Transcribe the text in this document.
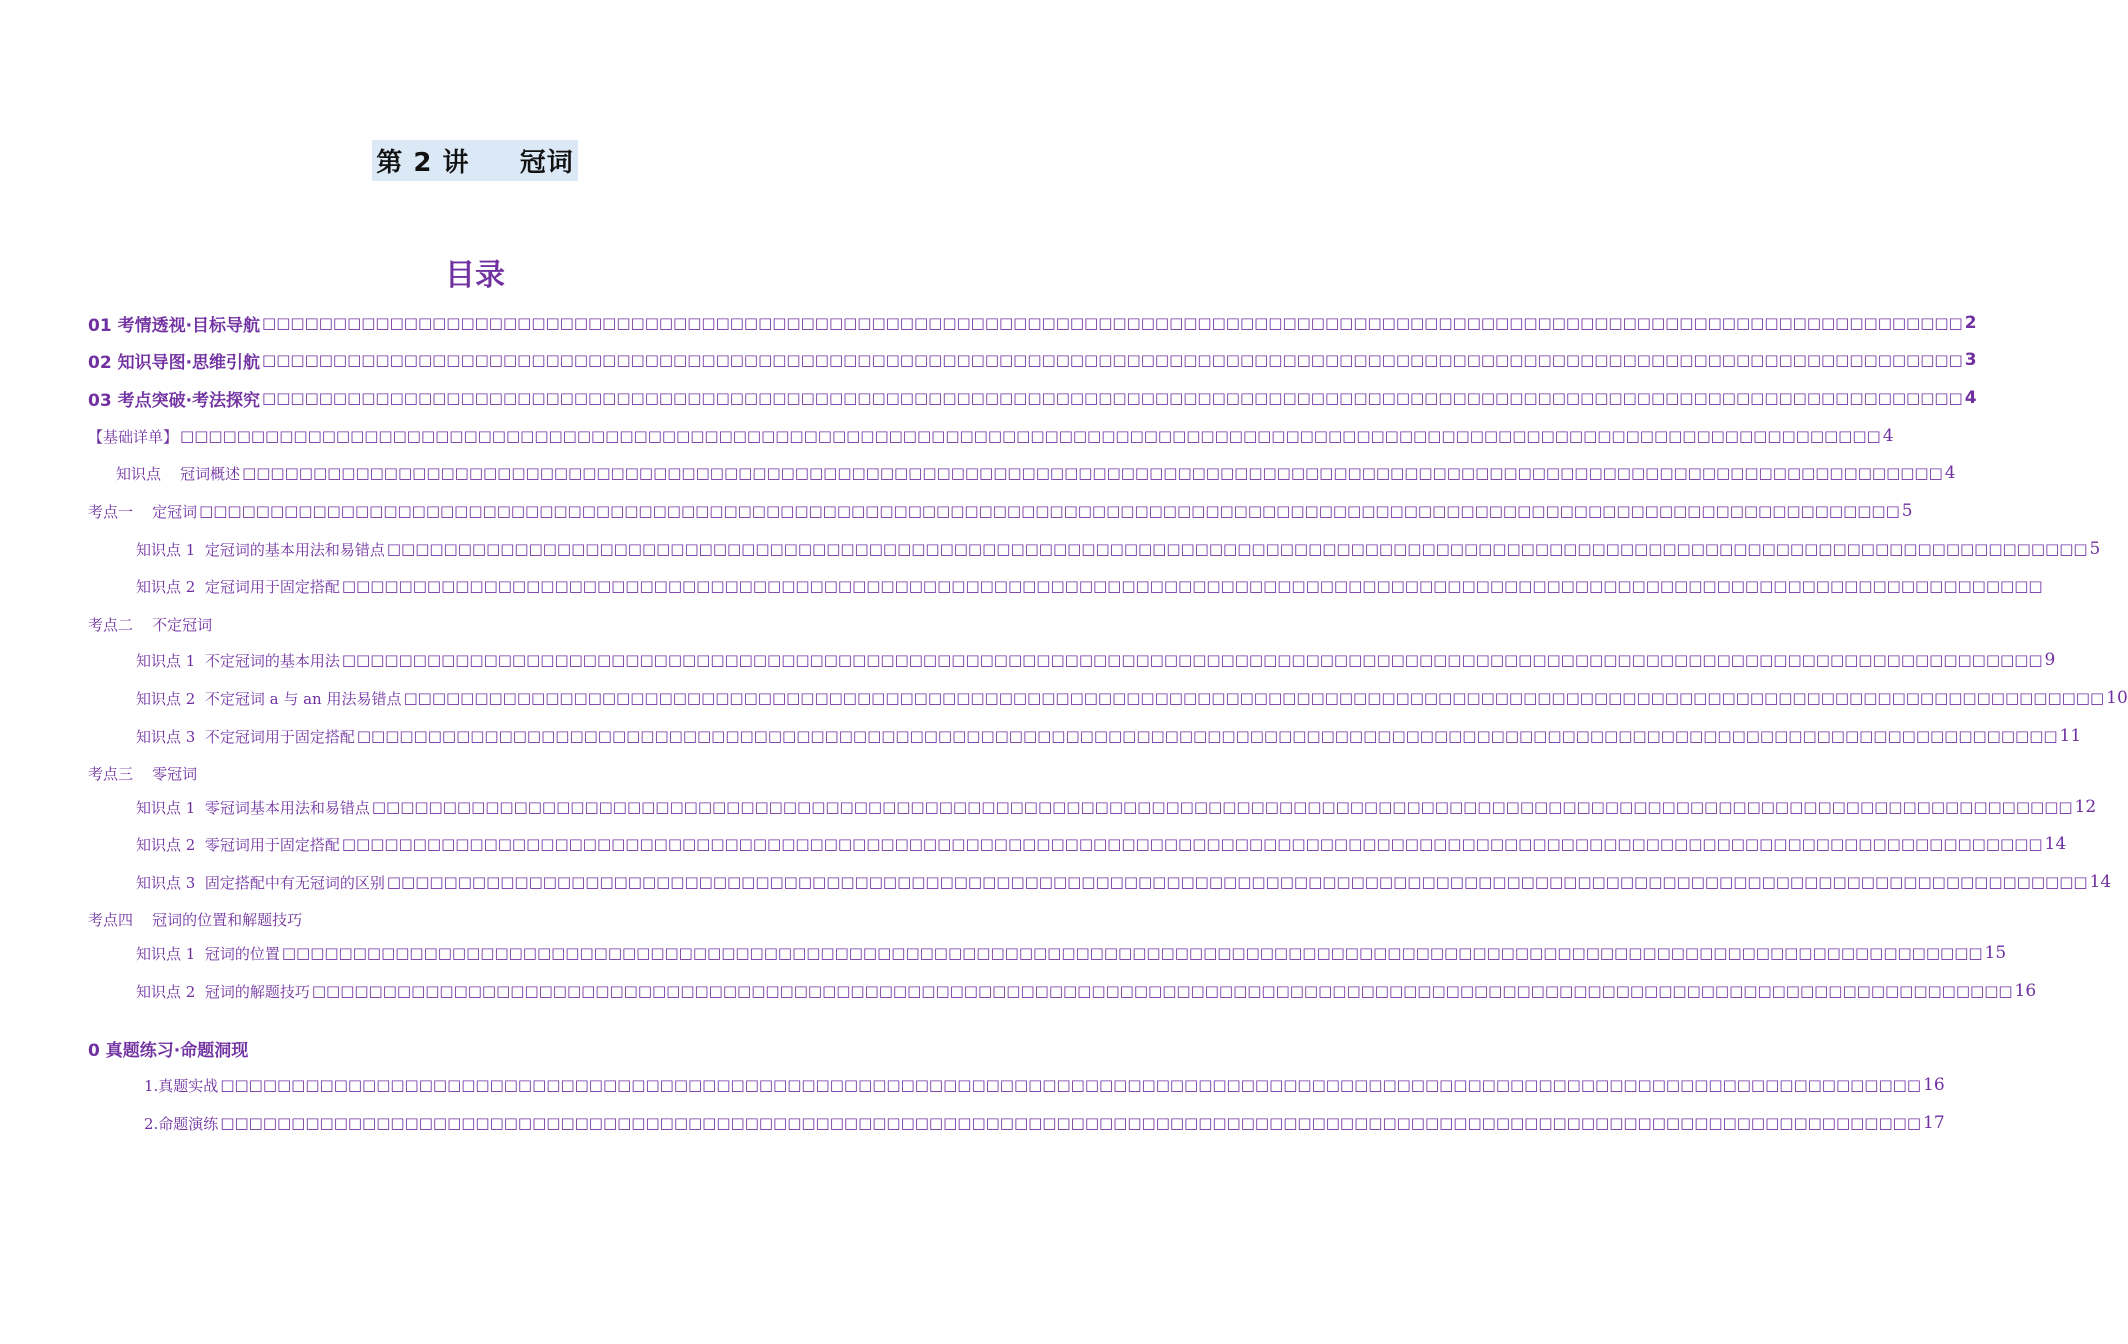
第 2 讲     冠词
目录
01 考情透视·目标导航 □□□□□□□□□□□□□□□□□□□□□□□□□□□□□□□□□□□□□□□□□□□□□□□□□□□□□□□□□□□□□□□□□□□□□□□□□□□□□□□□□□□□□□□□□□□□□□□□□□□□□□□□□□□□□□□□□□□□□□□□ 2
02 知识导图·思维引航 □□□□□□□□□□□□□□□□□□□□□□□□□□□□□□□□□□□□□□□□□□□□□□□□□□□□□□□□□□□□□□□□□□□□□□□□□□□□□□□□□□□□□□□□□□□□□□□□□□□□□□□□□□□□□□□□□□□□□□□□ 3
03 考点突破·考法探究 □□□□□□□□□□□□□□□□□□□□□□□□□□□□□□□□□□□□□□□□□□□□□□□□□□□□□□□□□□□□□□□□□□□□□□□□□□□□□□□□□□□□□□□□□□□□□□□□□□□□□□□□□□□□□□□□□□□□□□□□ 4
【基础详单】 □□□□□□□□□□□□□□□□□□□□□□□□□□□□□□□□□□□□□□□□□□□□□□□□□□□□□□□□□□□□□□□□□□□□□□□□□□□□□□□□□□□□□□□□□□□□□□□□□□□□□□□□□□□□□□□□□□□□□□□□ 4
知识点    冠词概述 □□□□□□□□□□□□□□□□□□□□□□□□□□□□□□□□□□□□□□□□□□□□□□□□□□□□□□□□□□□□□□□□□□□□□□□□□□□□□□□□□□□□□□□□□□□□□□□□□□□□□□□□□□□□□□□□□□□□□□□□ 4
考点一    定冠词 □□□□□□□□□□□□□□□□□□□□□□□□□□□□□□□□□□□□□□□□□□□□□□□□□□□□□□□□□□□□□□□□□□□□□□□□□□□□□□□□□□□□□□□□□□□□□□□□□□□□□□□□□□□□□□□□□□□□□□□□ 5
知识点 1  定冠词的基本用法和易错点 □□□□□□□□□□□□□□□□□□□□□□□□□□□□□□□□□□□□□□□□□□□□□□□□□□□□□□□□□□□□□□□□□□□□□□□□□□□□□□□□□□□□□□□□□□□□□□□□□□□□□□□□□□□□□□□□□□□□□□□□ 5
知识点 2  定冠词用于固定搭配 □□□□□□□□□□□□□□□□□□□□□□□□□□□□□□□□□□□□□□□□□□□□□□□□□□□□□□□□□□□□□□□□□□□□□□□□□□□□□□□□□□□□□□□□□□□□□□□□□□□□□□□□□□□□□□□□□□□□□□□□
考点二    不定冠词
知识点 1  不定冠词的基本用法 □□□□□□□□□□□□□□□□□□□□□□□□□□□□□□□□□□□□□□□□□□□□□□□□□□□□□□□□□□□□□□□□□□□□□□□□□□□□□□□□□□□□□□□□□□□□□□□□□□□□□□□□□□□□□□□□□□□□□□□□ 9
知识点 2  不定冠词 a 与 an 用法易错点 □□□□□□□□□□□□□□□□□□□□□□□□□□□□□□□□□□□□□□□□□□□□□□□□□□□□□□□□□□□□□□□□□□□□□□□□□□□□□□□□□□□□□□□□□□□□□□□□□□□□□□□□□□□□□□□□□□□□□□□□ 10
知识点 3  不定冠词用于固定搭配 □□□□□□□□□□□□□□□□□□□□□□□□□□□□□□□□□□□□□□□□□□□□□□□□□□□□□□□□□□□□□□□□□□□□□□□□□□□□□□□□□□□□□□□□□□□□□□□□□□□□□□□□□□□□□□□□□□□□□□□□ 11
考点三    零冠词
知识点 1  零冠词基本用法和易错点 □□□□□□□□□□□□□□□□□□□□□□□□□□□□□□□□□□□□□□□□□□□□□□□□□□□□□□□□□□□□□□□□□□□□□□□□□□□□□□□□□□□□□□□□□□□□□□□□□□□□□□□□□□□□□□□□□□□□□□□□ 12
知识点 2  零冠词用于固定搭配 □□□□□□□□□□□□□□□□□□□□□□□□□□□□□□□□□□□□□□□□□□□□□□□□□□□□□□□□□□□□□□□□□□□□□□□□□□□□□□□□□□□□□□□□□□□□□□□□□□□□□□□□□□□□□□□□□□□□□□□□ 14
知识点 3  固定搭配中有无冠词的区别 □□□□□□□□□□□□□□□□□□□□□□□□□□□□□□□□□□□□□□□□□□□□□□□□□□□□□□□□□□□□□□□□□□□□□□□□□□□□□□□□□□□□□□□□□□□□□□□□□□□□□□□□□□□□□□□□□□□□□□□□ 14
考点四    冠词的位置和解题技巧
知识点 1  冠词的位置 □□□□□□□□□□□□□□□□□□□□□□□□□□□□□□□□□□□□□□□□□□□□□□□□□□□□□□□□□□□□□□□□□□□□□□□□□□□□□□□□□□□□□□□□□□□□□□□□□□□□□□□□□□□□□□□□□□□□□□□□ 15
知识点 2  冠词的解题技巧 □□□□□□□□□□□□□□□□□□□□□□□□□□□□□□□□□□□□□□□□□□□□□□□□□□□□□□□□□□□□□□□□□□□□□□□□□□□□□□□□□□□□□□□□□□□□□□□□□□□□□□□□□□□□□□□□□□□□□□□□ 16
0 真题练习·命题洞现
1.真题实战 □□□□□□□□□□□□□□□□□□□□□□□□□□□□□□□□□□□□□□□□□□□□□□□□□□□□□□□□□□□□□□□□□□□□□□□□□□□□□□□□□□□□□□□□□□□□□□□□□□□□□□□□□□□□□□□□□□□□□□□□ 16
2.命题演练 □□□□□□□□□□□□□□□□□□□□□□□□□□□□□□□□□□□□□□□□□□□□□□□□□□□□□□□□□□□□□□□□□□□□□□□□□□□□□□□□□□□□□□□□□□□□□□□□□□□□□□□□□□□□□□□□□□□□□□□□ 17
